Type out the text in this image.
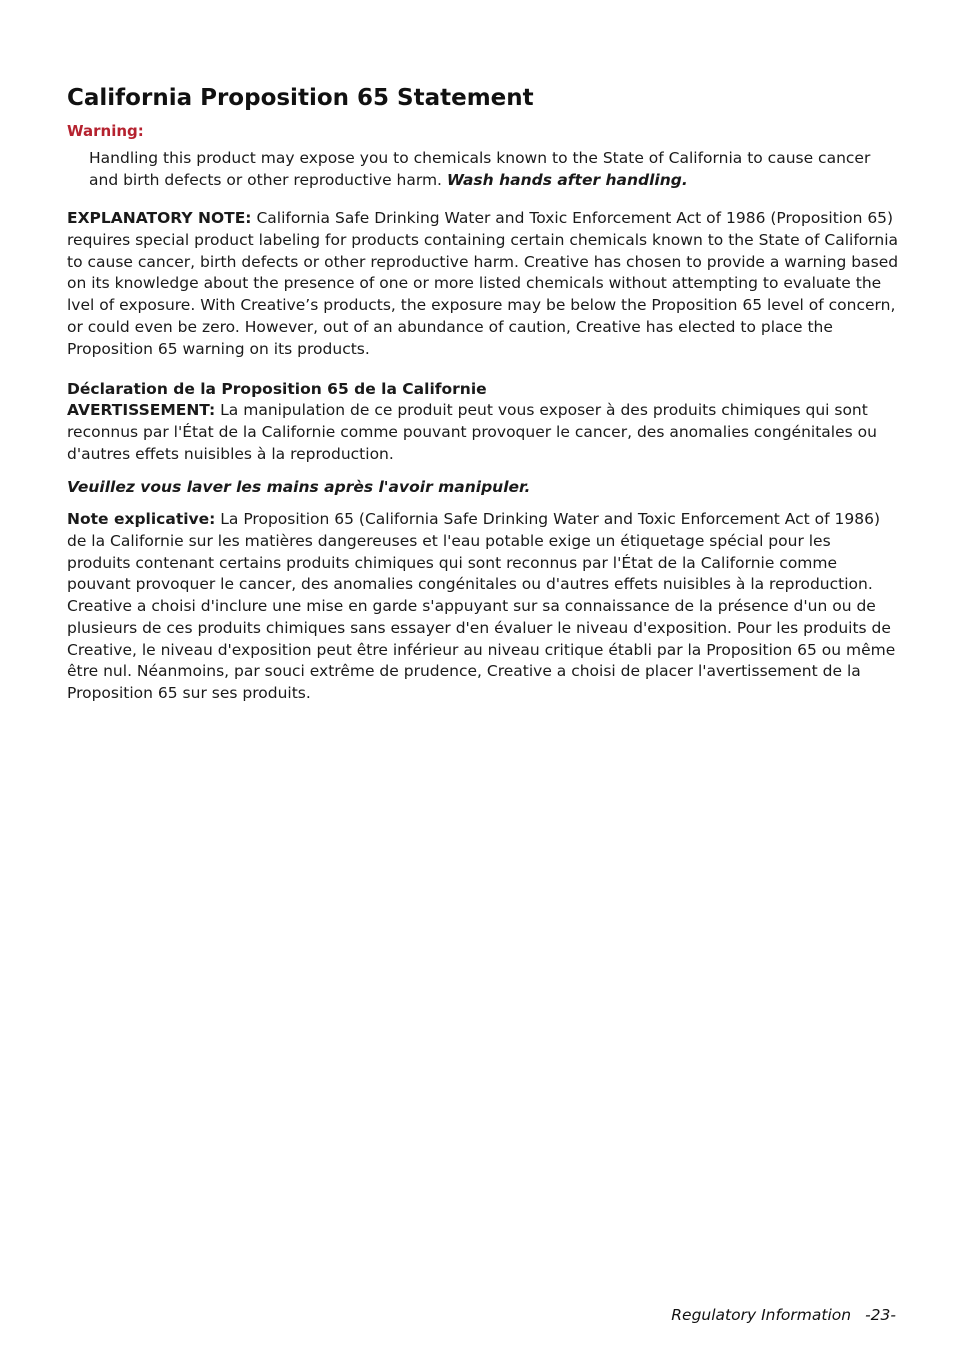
California Proposition 65 Statement
Warning:

Handling this product may expose you to chemicals known to the State of California to cause cancer and birth defects or other reproductive harm. Wash hands after handling.

EXPLANATORY NOTE: California Safe Drinking Water and Toxic Enforcement Act of 1986 (Proposition 65) requires special product labeling for products containing certain chemicals known to the State of California to cause cancer, birth defects or other reproductive harm. Creative has chosen to provide a warning based on its knowledge about the presence of one or more listed chemicals without attempting to evaluate the lvel of exposure. With Creative’s products, the exposure may be below the Proposition 65 level of concern, or could even be zero. However, out of an abundance of caution, Creative has elected to place the Proposition 65 warning on its products.

Déclaration de la Proposition 65 de la Californie

AVERTISSEMENT: La manipulation de ce produit peut vous exposer à des produits chimiques qui sont reconnus par l'État de la Californie comme pouvant provoquer le cancer, des anomalies congénitales ou d'autres effets nuisibles à la reproduction.

Veuillez vous laver les mains après l'avoir manipuler.

Note explicative: La Proposition 65 (California Safe Drinking Water and Toxic Enforcement Act of 1986) de la Californie sur les matières dangereuses et l'eau potable exige un étiquetage spécial pour les produits contenant certains produits chimiques qui sont reconnus par l'État de la Californie comme pouvant provoquer le cancer, des anomalies congénitales ou d'autres effets nuisibles à la reproduction. Creative a choisi d'inclure une mise en garde s'appuyant sur sa connaissance de la présence d'un ou de plusieurs de ces produits chimiques sans essayer d'en évaluer le niveau d'exposition. Pour les produits de Creative, le niveau d'exposition peut être inférieur au niveau critique établi par la Proposition 65 ou même être nul. Néanmoins, par souci extrême de prudence, Creative a choisi de placer l'avertissement de la Proposition 65 sur ses produits.

Regulatory Information -23-
